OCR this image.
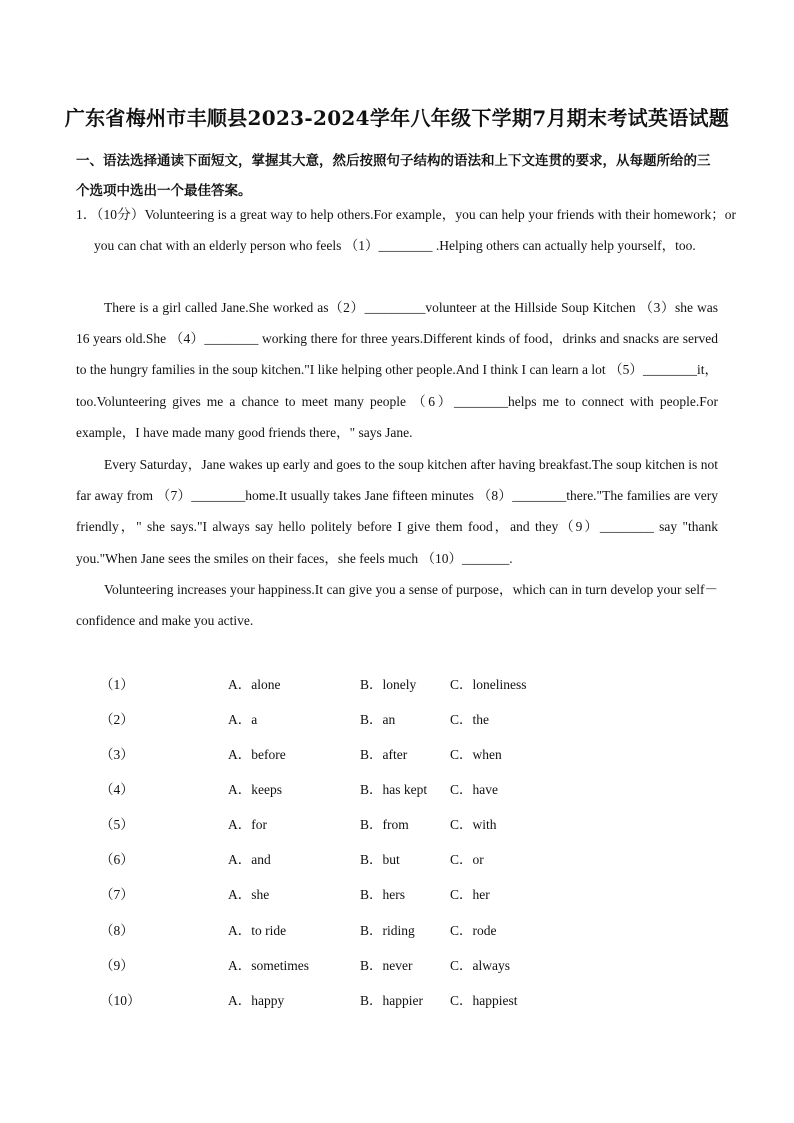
广东省梅州市丰顺县2023-2024学年八年级下学期7月期末考试英语试题
一、语法选择通读下面短文，掌握其大意，然后按照句子结构的语法和上下文连贯的要求，从每题所给的三个选项中选出一个最佳答案。
1．（10分）Volunteering is a great way to help others.For example，you can help your friends with their homework；or you can chat with an elderly person who feels （1）________ .Helping others can actually help yourself，too.
There is a girl called Jane.She worked as（2）_________volunteer at the Hillside Soup Kitchen （3）she was 16 years old.She （4）________ working there for three years.Different kinds of food，drinks and snacks are served to the hungry families in the soup kitchen."I like helping other people.And I think I can learn a lot （5）________it，too.Volunteering gives me a chance to meet many people （6）________helps me to connect with people.For example，I have made many good friends there，" says Jane.
Every Saturday，Jane wakes up early and goes to the soup kitchen after having breakfast.The soup kitchen is not far away from （7）________home.It usually takes Jane fifteen minutes （8）________there."The families are very friendly，" she says."I always say hello politely before I give them food，and they（9）________ say "thank you."When Jane sees the smiles on their faces，she feels much （10）_______.
Volunteering increases your happiness.It can give you a sense of purpose，which can in turn develop your self－confidence and make you active.
（1）	A．alone	B．lonely	C．loneliness
（2）	A．a	B．an	C．the
（3）	A．before	B．after	C．when
（4）	A．keeps	B．has kept C．have
（5）	A．for	B．from	C．with
（6）	A．and	B．but	C．or
（7）	A．she	B．hers	C．her
（8）	A．to ride	B．riding	C．rode
（9）	A．sometimes	B．never	C．always
（10）	A．happy	B．happier C．happiest
